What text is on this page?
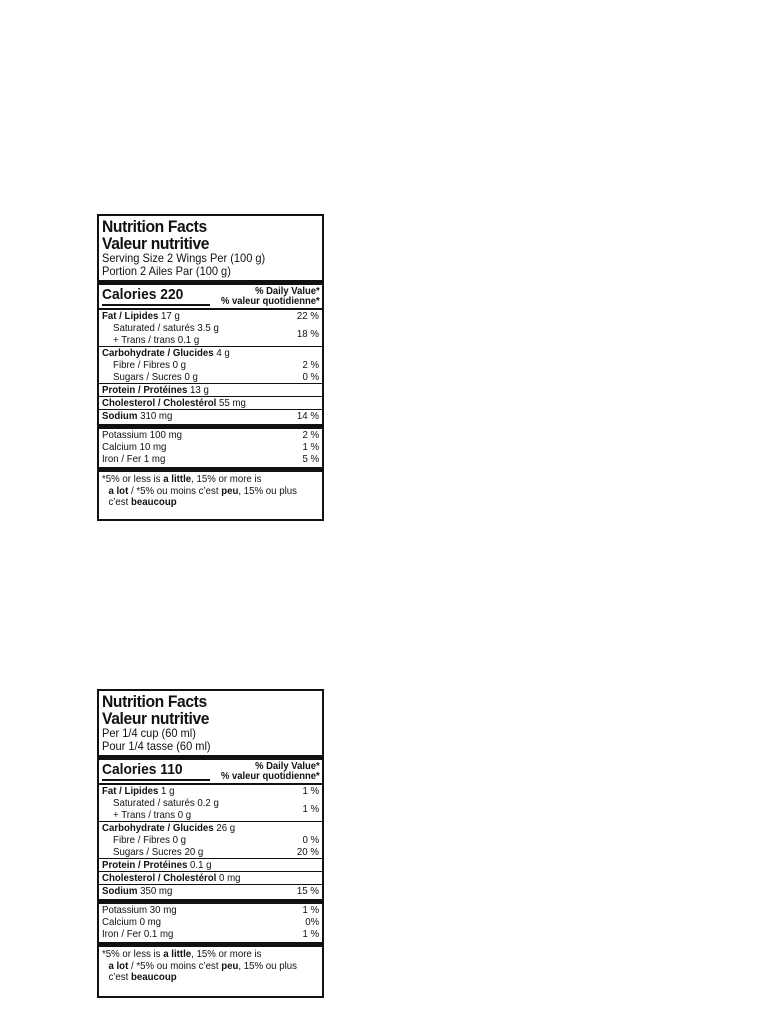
Nutrition Facts
Valeur nutritive
Serving Size 2 Wings Per (100 g)
Portion 2 Ailes Par (100 g)
Calories 220	% Daily Value*
% valeur quotidienne*
Fat / Lipides 17 g	22 %
Saturated / saturés 3.5 g
+ Trans / trans 0.1 g	18 %
Carbohydrate / Glucides 4 g
Fibre / Fibres 0 g	2 %
Sugars / Sucres 0 g	0 %
Protein / Protéines 13 g
Cholesterol / Cholestérol 55 mg
Sodium 310 mg	14 %
Potassium 100 mg	2 %
Calcium 10 mg	1 %
Iron / Fer 1 mg	5 %
*5% or less is a little, 15% or more is
a lot / *5% ou moins c’est peu, 15% ou plus
c’est beaucoup
Nutrition Facts
Valeur nutritive
Per 1/4 cup (60 ml)
Pour 1/4 tasse (60 ml)
Calories 110	% Daily Value*
% valeur quotidienne*
Fat / Lipides 1 g	1 %
Saturated / saturés 0.2 g
+ Trans / trans 0 g	1 %
Carbohydrate / Glucides 26 g
Fibre / Fibres 0 g	0 %
Sugars / Sucres 20 g	20 %
Protein / Protéines 0.1 g
Cholesterol / Cholestérol 0 mg
Sodium 350 mg	15 %
Potassium 30 mg	1 %
Calcium 0 mg	0%
Iron / Fer 0.1 mg	1 %
*5% or less is a little, 15% or more is
a lot / *5% ou moins c’est peu, 15% ou plus
c’est beaucoup
